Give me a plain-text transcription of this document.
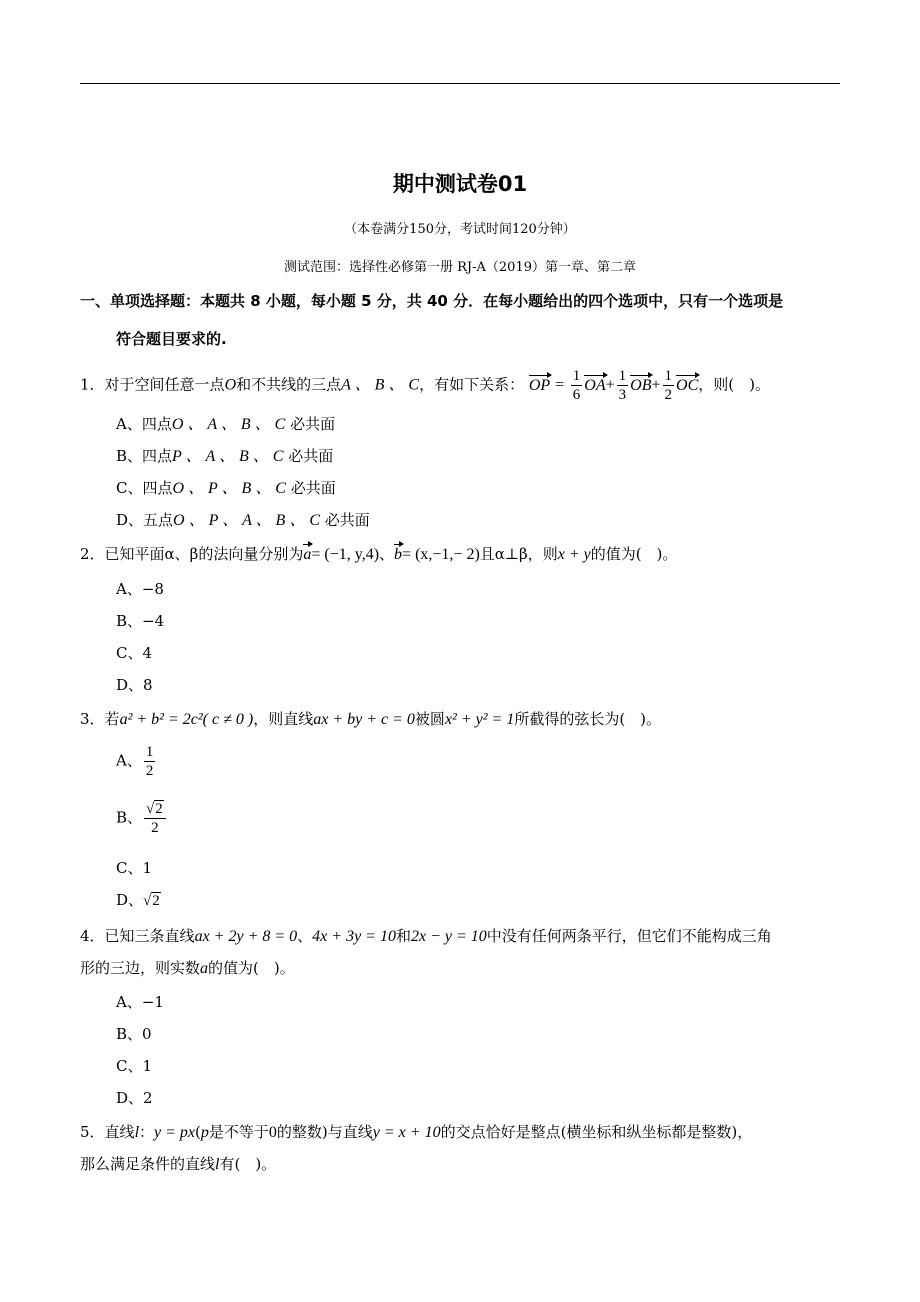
期中测试卷01
（本卷满分150分，考试时间120分钟）
测试范围：选择性必修第一册 RJ-A（2019）第一章、第二章
一、单项选择题：本题共 8 小题，每小题 5 分，共 40 分．在每小题给出的四个选项中，只有一个选项是
符合题目要求的.
1．对于空间任意一点O和不共线的三点A 、 B 、 C，有如下关系： OP = $\frac{1}{6} OA+ \frac{1}{3} OB+ \frac{1}{2}$ OC，则(　)。
A、四点O 、 A 、 B 、 C 必共面
B、四点P 、 A 、 B 、 C 必共面
C、四点O 、 P 、 B 、 C 必共面
D、五点O 、 P 、 A 、 B 、 C 必共面
2．已知平面α、β的法向量分别为a= (−1, y,4)、b= (x,−1,− 2)且α⊥β，则x + y的值为(　)。
A、−8
B、−4
C、4
D、8
3．若a² + b² = 2c²( c ≠ 0 )，则直线ax + by + c = 0被圆x² + y² = 1所截得的弦长为(　)。
A、 $\frac{1}{2}$
B、 $\frac{√2}{2}$
C、1
D、√2
4．已知三条直线ax + 2y + 8 = 0、4x + 3y = 10和2x − y = 10中没有任何两条平行，但它们不能构成三角
形的三边，则实数a的值为(　)。
A、−1
B、0
C、1
D、2
5．直线l：y = px(p是不等于0的整数)与直线y = x + 10的交点恰好是整点(横坐标和纵坐标都是整数)，
那么满足条件的直线l有(　)。
